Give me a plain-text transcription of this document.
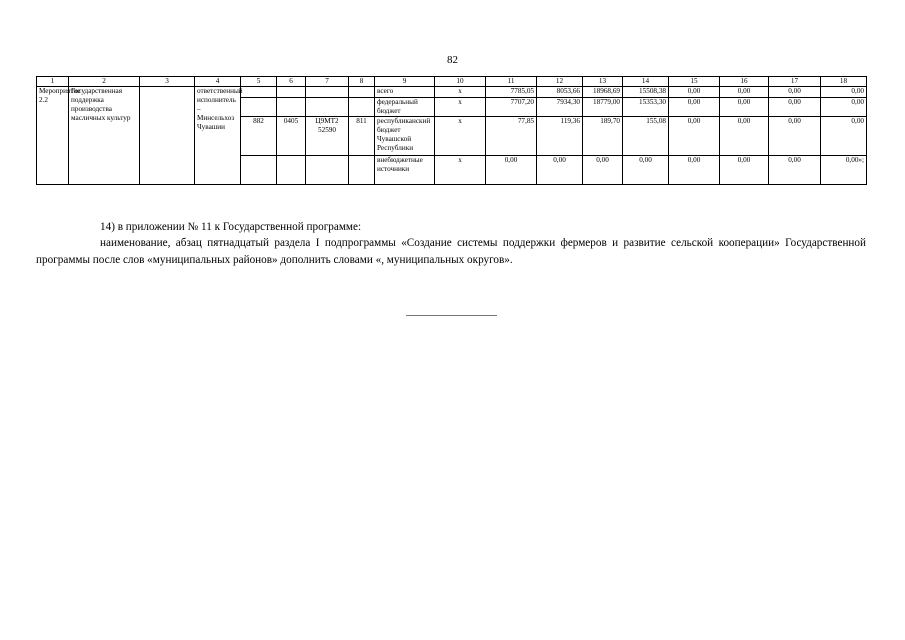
82
1	2	3	4	5	6	7	8	9	10	11	12	13	14	15	16	17	18
Мероприятие 2.2	Государственная поддержка производства масличных культур		ответственный исполнитель – Минсельхоз Чувашии					всего	x	7785,05	8053,66	18968,69	15508,38	0,00	0,00	0,00	0,00
								федеральный бюджет	x	7707,20	7934,30	18779,00	15353,30	0,00	0,00	0,00	0,00
				882	0405	Ц9МТ2 52590	811	республиканский бюджет Чувашской Республики	x	77,85	119,36	189,70	155,08	0,00	0,00	0,00	0,00
								внебюджетные источники	x	0,00	0,00	0,00	0,00	0,00	0,00	0,00	0,00»;
14) в приложении № 11 к Государственной программе:
наименование, абзац пятнадцатый раздела I подпрограммы «Создание системы поддержки фермеров и развитие сельской кооперации» Государственной программы после слов «муниципальных районов» дополнить словами «, муниципальных округов».
